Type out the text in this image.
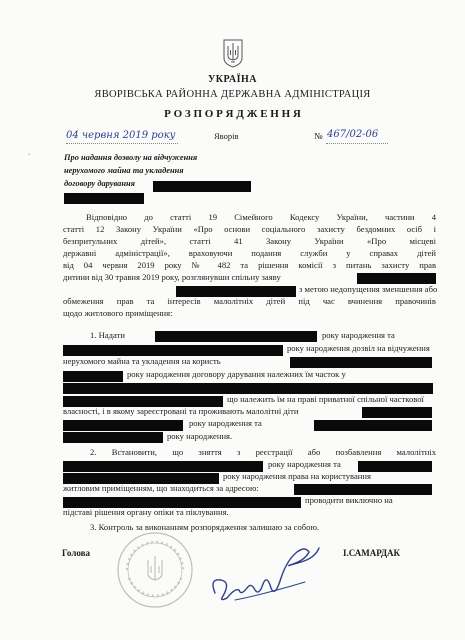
УКРАЇНА
ЯВОРІВСЬКА РАЙОННА ДЕРЖАВНА АДМІНІСТРАЦІЯ
Р О З П О Р Я Д Ж Е Н Н Я
04 червня 2019 року	Яворів	№ 467/02-06
Про надання дозволу на відчуження
нерухомого майна та укладення
договору дарування
Відповідно до статті 19 Сімейного Кодексу України, частини 4
статті 12 Закону України «Про основи соціального захисту бездомних осіб і
безпритульних дітей», статті 41 Закону України «Про місцеві
державні адміністрації», враховуючи подання служби у справах дітей
від 04 червня 2019 року № 482 та рішення комісії з питань захисту прав
дитини від 30 травня 2019 року, розглянувши спільну заяву
з метою недопущення зменшення або
обмеження прав та інтересів малолітніх дітей під час вчинення правочинів
щодо житлового приміщення:
1. Надати	року народження та
року народження дозвіл на відчуження
нерухомого майна та укладення на користь
року народження договору дарування належних їм часток у
що належить їм на праві приватної спільної часткової
власності, і в якому зареєстровані та проживають малолітні діти
року народження та
року народження.
2. Встановити, що зняття з реєстрації або позбавлення малолітніх
року народження та
року народження права на користування
житловим приміщенням, що знаходиться за адресою:
проводити виключно на
підставі рішення органу опіки та піклування.
3. Контроль за виконанням розпорядження залишаю за собою.
Голова	І.САМАРДАК
‘
